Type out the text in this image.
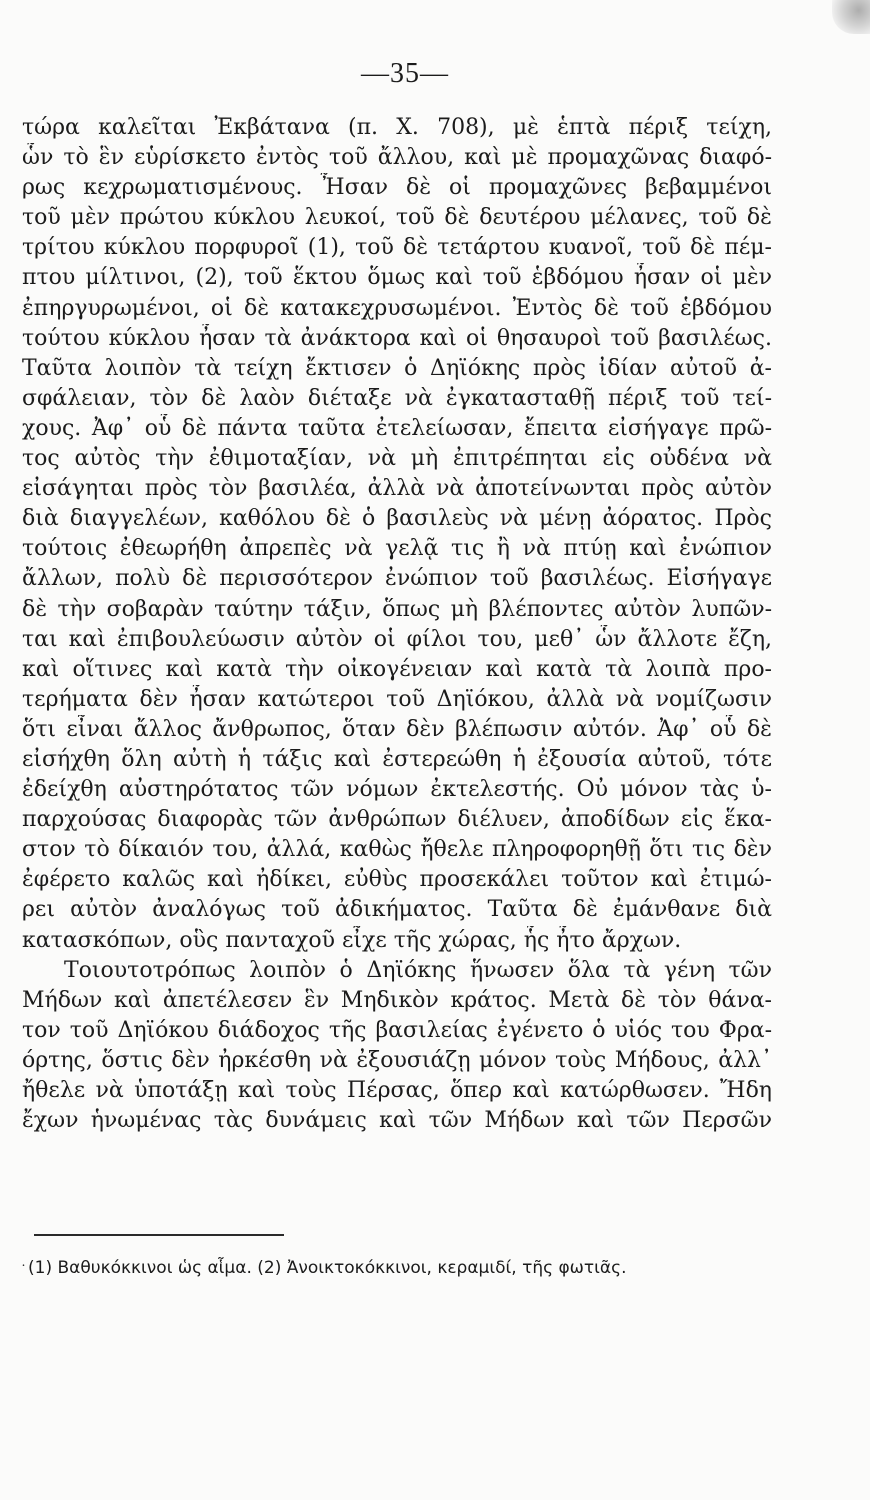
—35—
τώρα καλεῖται Ἐκβάτανα (π. Χ. 708), μὲ ἑπτὰ πέριξ τείχη,
ὧν τὸ ἓν εὑρίσκετο ἐντὸς τοῦ ἄλλου, καὶ μὲ προμαχῶνας διαφό-
ρως κεχρωματισμένους. Ἦσαν δὲ οἱ προμαχῶνες βεβαμμένοι
τοῦ μὲν πρώτου κύκλου λευκοί, τοῦ δὲ δευτέρου μέλανες, τοῦ δὲ
τρίτου κύκλου πορφυροῖ (1), τοῦ δὲ τετάρτου κυανοῖ, τοῦ δὲ πέμ-
πτου μίλτινοι, (2), τοῦ ἕκτου ὅμως καὶ τοῦ ἑβδόμου ἦσαν οἱ μὲν
ἐπηργυρωμένοι, οἱ δὲ κατακεχρυσωμένοι. Ἐντὸς δὲ τοῦ ἑβδόμου
τούτου κύκλου ἦσαν τὰ ἀνάκτορα καὶ οἱ θησαυροὶ τοῦ βασιλέως.
Ταῦτα λοιπὸν τὰ τείχη ἔκτισεν ὁ Δηϊόκης πρὸς ἰδίαν αὐτοῦ ἀ-
σφάλειαν, τὸν δὲ λαὸν διέταξε νὰ ἐγκατασταθῇ πέριξ τοῦ τεί-
χους. Ἀφ᾽ οὗ δὲ πάντα ταῦτα ἐτελείωσαν, ἔπειτα εἰσήγαγε πρῶ-
τος αὐτὸς τὴν ἐθιμοταξίαν, νὰ μὴ ἐπιτρέπηται εἰς οὐδένα νὰ
εἰσάγηται πρὸς τὸν βασιλέα, ἀλλὰ νὰ ἀποτείνωνται πρὸς αὐτὸν
διὰ διαγγελέων, καθόλου δὲ ὁ βασιλεὺς νὰ μένῃ ἀόρατος. Πρὸς
τούτοις ἐθεωρήθη ἀπρεπὲς νὰ γελᾷ τις ἢ νὰ πτύῃ καὶ ἐνώπιον
ἄλλων, πολὺ δὲ περισσότερον ἐνώπιον τοῦ βασιλέως. Εἰσήγαγε
δὲ τὴν σοβαρὰν ταύτην τάξιν, ὅπως μὴ βλέποντες αὐτὸν λυπῶν-
ται καὶ ἐπιβουλεύωσιν αὐτὸν οἱ φίλοι του, μεθ᾽ ὧν ἄλλοτε ἔζη,
καὶ οἵτινες καὶ κατὰ τὴν οἰκογένειαν καὶ κατὰ τὰ λοιπὰ προ-
τερήματα δὲν ἦσαν κατώτεροι τοῦ Δηϊόκου, ἀλλὰ νὰ νομίζωσιν
ὅτι εἶναι ἄλλος ἄνθρωπος, ὅταν δὲν βλέπωσιν αὐτόν. Ἀφ᾽ οὗ δὲ
εἰσήχθη ὅλη αὐτὴ ἡ τάξις καὶ ἐστερεώθη ἡ ἐξουσία αὐτοῦ, τότε
ἐδείχθη αὐστηρότατος τῶν νόμων ἐκτελεστής. Οὐ μόνον τὰς ὑ-
παρχούσας διαφορὰς τῶν ἀνθρώπων διέλυεν, ἀποδίδων εἰς ἕκα-
στον τὸ δίκαιόν του, ἀλλά, καθὼς ἤθελε πληροφορηθῇ ὅτι τις δὲν
ἐφέρετο καλῶς καὶ ἠδίκει, εὐθὺς προσεκάλει τοῦτον καὶ ἐτιμώ-
ρει αὐτὸν ἀναλόγως τοῦ ἀδικήματος. Ταῦτα δὲ ἐμάνθανε διὰ
κατασκόπων, οὓς πανταχοῦ εἶχε τῆς χώρας, ἧς ἦτο ἄρχων.
Τοιουτοτρόπως λοιπὸν ὁ Δηϊόκης ἥνωσεν ὅλα τὰ γένη τῶν
Μήδων καὶ ἀπετέλεσεν ἓν Μηδικὸν κράτος. Μετὰ δὲ τὸν θάνα-
τον τοῦ Δηϊόκου διάδοχος τῆς βασιλείας ἐγένετο ὁ υἱός του Φρα-
όρτης, ὅστις δὲν ἠρκέσθη νὰ ἐξουσιάζῃ μόνον τοὺς Μήδους, ἀλλ᾽
ἤθελε νὰ ὑποτάξῃ καὶ τοὺς Πέρσας, ὅπερ καὶ κατώρθωσεν. Ἤδη
ἔχων ἡνωμένας τὰς δυνάμεις καὶ τῶν Μήδων καὶ τῶν Περσῶν
˙ (1) Βαθυκόκκινοι ὡς αἷμα. (2) Ἀνοικτοκόκκινοι, κεραμιδί, τῆς φωτιᾶς.
